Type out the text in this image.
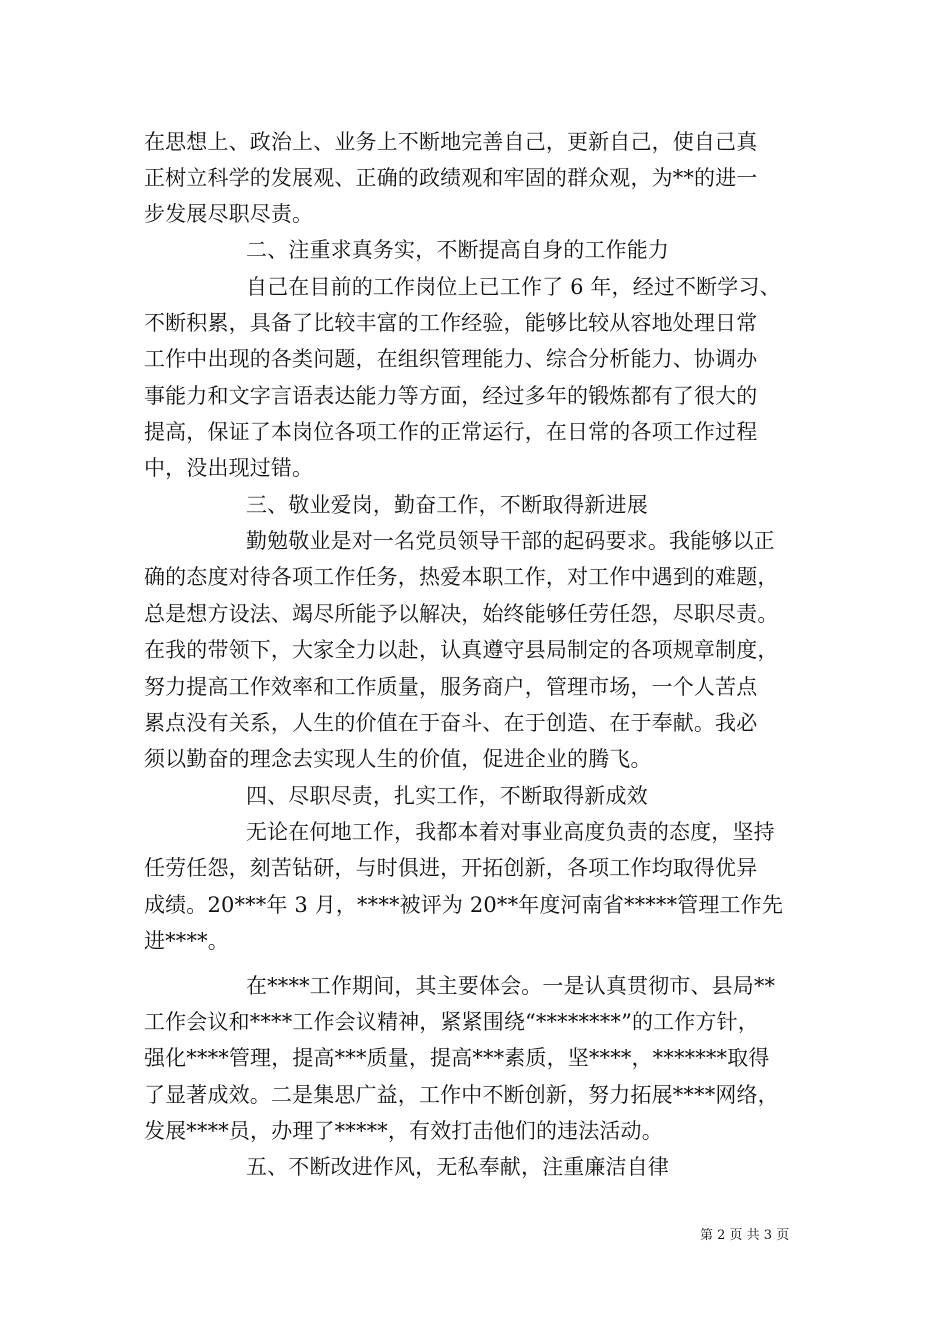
在思想上、政治上、业务上不断地完善自己，更新自己，使自己真
正树立科学的发展观、正确的政绩观和牢固的群众观，为**的进一
步发展尽职尽责。
二、注重求真务实，不断提高自身的工作能力
自己在目前的工作岗位上已工作了 6 年，经过不断学习、
不断积累，具备了比较丰富的工作经验，能够比较从容地处理日常
工作中出现的各类问题，在组织管理能力、综合分析能力、协调办
事能力和文字言语表达能力等方面，经过多年的锻炼都有了很大的
提高，保证了本岗位各项工作的正常运行，在日常的各项工作过程
中，没出现过错。
三、敬业爱岗，勤奋工作，不断取得新进展
勤勉敬业是对一名党员领导干部的起码要求。我能够以正
确的态度对待各项工作任务，热爱本职工作，对工作中遇到的难题，
总是想方设法、竭尽所能予以解决，始终能够任劳任怨，尽职尽责。
在我的带领下，大家全力以赴，认真遵守县局制定的各项规章制度，
努力提高工作效率和工作质量，服务商户，管理市场，一个人苦点
累点没有关系，人生的价值在于奋斗、在于创造、在于奉献。我必
须以勤奋的理念去实现人生的价值，促进企业的腾飞。
四、尽职尽责，扎实工作，不断取得新成效
无论在何地工作，我都本着对事业高度负责的态度，坚持
任劳任怨，刻苦钻研，与时俱进，开拓创新，各项工作均取得优异
成绩。20***年 3 月，****被评为 20**年度河南省*****管理工作先
进****。
在****工作期间，其主要体会。一是认真贯彻市、县局**
工作会议和****工作会议精神，紧紧围绕“********”的工作方针，
强化****管理，提高***质量，提高***素质，坚****，*******取得
了显著成效。二是集思广益，工作中不断创新，努力拓展****网络，
发展****员，办理了*****，有效打击他们的违法活动。
五、不断改进作风，无私奉献，注重廉洁自律
第 2 页 共 3 页
